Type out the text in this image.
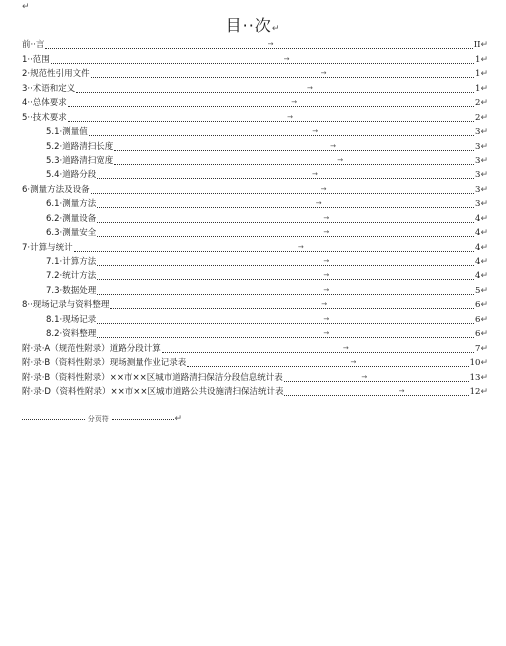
↵
目··次↵
前··言	→	II ↵
1··范围	→	1 ↵
2·规范性引用文件	→	1 ↵
3··术语和定义	→	1 ↵
4··总体要求	→	2 ↵
5··技术要求	→	2 ↵
5.1·测量值	→	3 ↵
5.2·道路清扫长度	→	3 ↵
5.3·道路清扫宽度	→	3 ↵
5.4·道路分段	→	3 ↵
6·测量方法及设备	→	3 ↵
6.1·测量方法	→	3 ↵
6.2·测量设备	→	4 ↵
6.3·测量安全	→	4 ↵
7·计算与统计	→	4 ↵
7.1·计算方法	→	4 ↵
7.2·统计方法	→	4 ↵
7.3·数据处理	→	5 ↵
8··现场记录与资料整理	→	6 ↵
8.1·现场记录	→	6 ↵
8.2·资料整理	→	6 ↵
附·录·A（规范性附录）道路分段计算	→	7 ↵
附·录·B（资料性附录）现场测量作业记录表	→	10 ↵
附·录·B（资料性附录）××市××区城市道路清扫保洁分段信息统计表	→	13 ↵
附·录·D（资料性附录）××市××区城市道路公共设施清扫保洁统计表	→	12 ↵
分页符	↵
